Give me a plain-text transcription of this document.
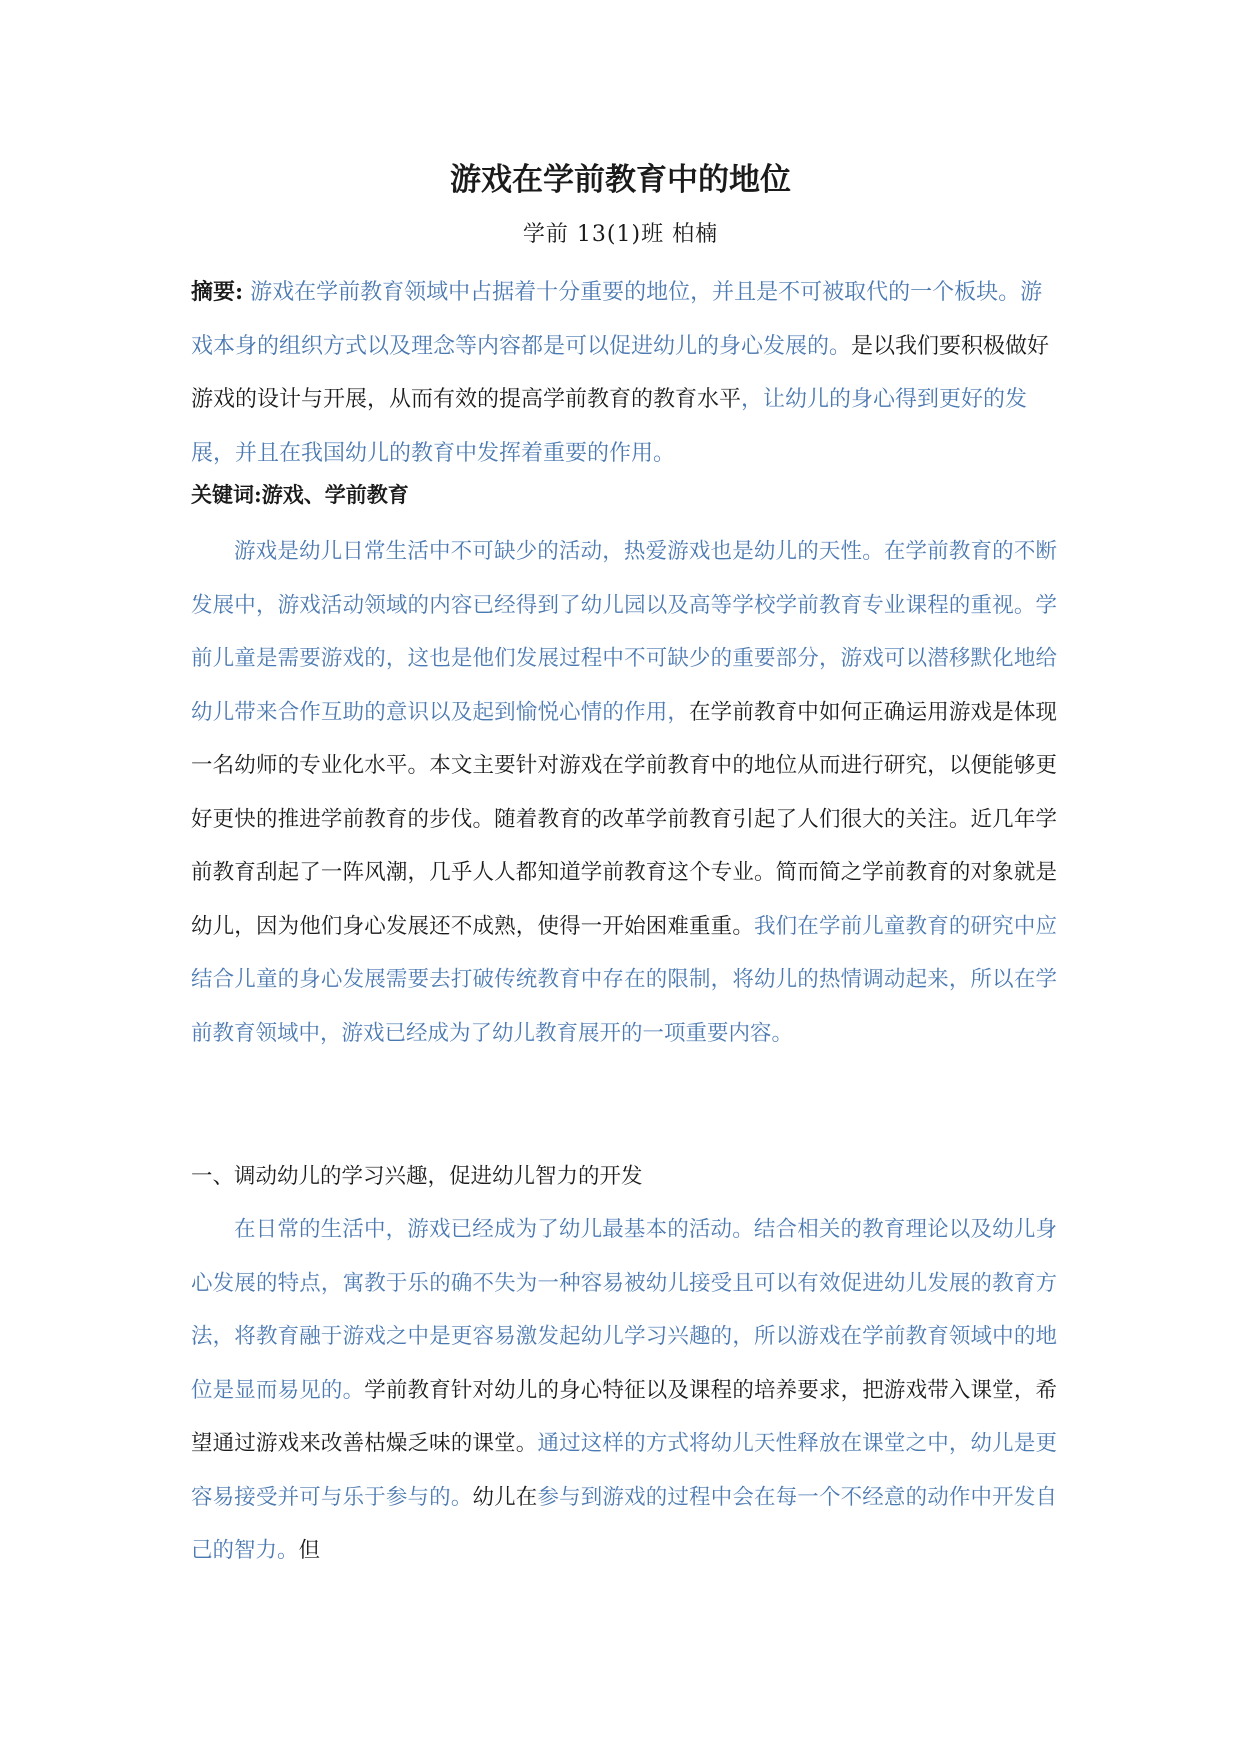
游戏在学前教育中的地位
学前 13(1)班 柏楠

摘要: 游戏在学前教育领域中占据着十分重要的地位，并且是不可被取代的一个板块。游戏本身的组织方式以及理念等内容都是可以促进幼儿的身心发展的。是以我们要积极做好游戏的设计与开展，从而有效的提高学前教育的教育水平，让幼儿的身心得到更好的发展，并且在我国幼儿的教育中发挥着重要的作用。

关键词:游戏、学前教育

游戏是幼儿日常生活中不可缺少的活动，热爱游戏也是幼儿的天性。在学前教育的不断发展中，游戏活动领域的内容已经得到了幼儿园以及高等学校学前教育专业课程的重视。学前儿童是需要游戏的，这也是他们发展过程中不可缺少的重要部分，游戏可以潜移默化地给幼儿带来合作互助的意识以及起到愉悦心情的作用，在学前教育中如何正确运用游戏是体现一名幼师的专业化水平。本文主要针对游戏在学前教育中的地位从而进行研究，以便能够更好更快的推进学前教育的步伐。随着教育的改革学前教育引起了人们很大的关注。近几年学前教育刮起了一阵风潮，几乎人人都知道学前教育这个专业。简而简之学前教育的对象就是幼儿，因为他们身心发展还不成熟，使得一开始困难重重。我们在学前儿童教育的研究中应结合儿童的身心发展需要去打破传统教育中存在的限制，将幼儿的热情调动起来，所以在学前教育领域中，游戏已经成为了幼儿教育展开的一项重要内容。

一、调动幼儿的学习兴趣，促进幼儿智力的开发

在日常的生活中，游戏已经成为了幼儿最基本的活动。结合相关的教育理论以及幼儿身心发展的特点，寓教于乐的确不失为一种容易被幼儿接受且可以有效促进幼儿发展的教育方法，将教育融于游戏之中是更容易激发起幼儿学习兴趣的，所以游戏在学前教育领域中的地位是显而易见的。学前教育针对幼儿的身心特征以及课程的培养要求，把游戏带入课堂，希望通过游戏来改善枯燥乏味的课堂。通过这样的方式将幼儿天性释放在课堂之中，幼儿是更容易接受并可与乐于参与的。幼儿在参与到游戏的过程中会在每一个不经意的动作中开发自己的智力。但
